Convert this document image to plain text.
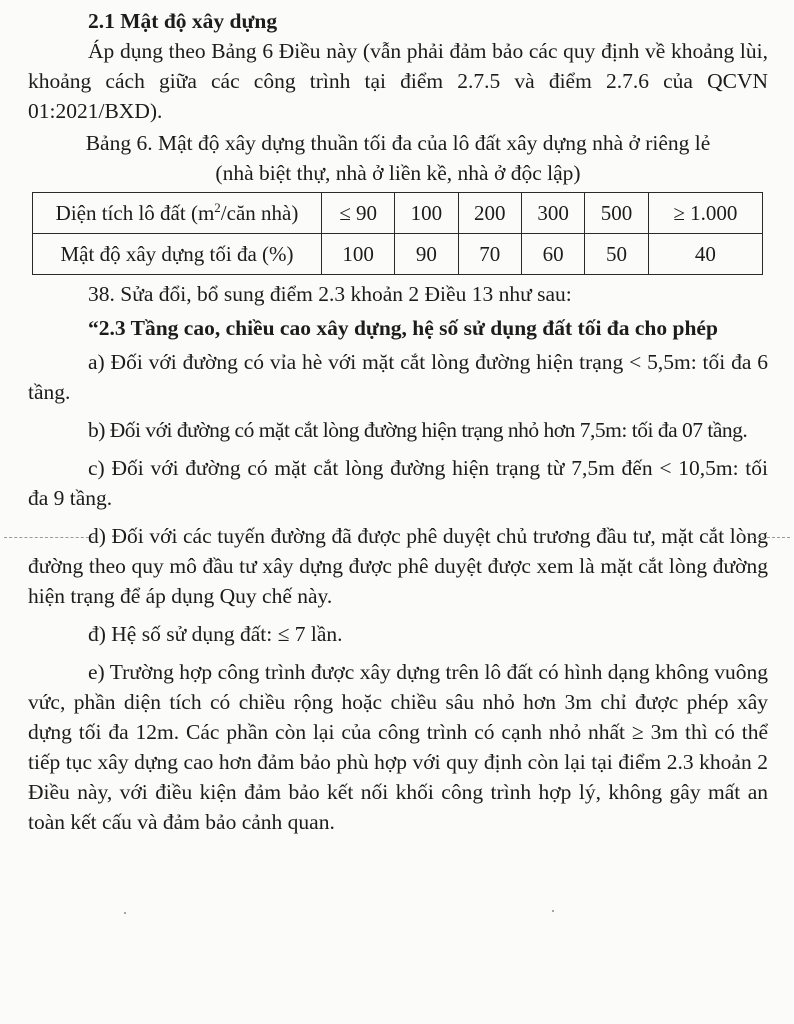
2.1 Mật độ xây dựng

Áp dụng theo Bảng 6 Điều này (vẫn phải đảm bảo các quy định về khoảng lùi, khoảng cách giữa các công trình tại điểm 2.7.5 và điểm 2.7.6 của QCVN 01:2021/BXD).

Bảng 6. Mật độ xây dựng thuần tối đa của lô đất xây dựng nhà ở riêng lẻ

(nhà biệt thự, nhà ở liền kề, nhà ở độc lập)

Diện tích lô đất ($m^2$/căn nhà)	≤ 90	100	200	300	500	≥ 1.000
Mật độ xây dựng tối đa (%)	100	90	70	60	50	40

38. Sửa đổi, bổ sung điểm 2.3 khoản 2 Điều 13 như sau:

“2.3 Tầng cao, chiều cao xây dựng, hệ số sử dụng đất tối đa cho phép

a) Đối với đường có vỉa hè với mặt cắt lòng đường hiện trạng < 5,5m: tối đa 6 tầng.

b) Đối với đường có mặt cắt lòng đường hiện trạng nhỏ hơn 7,5m: tối đa 07 tầng.

c) Đối với đường có mặt cắt lòng đường hiện trạng từ 7,5m đến < 10,5m: tối đa 9 tầng.

d) Đối với các tuyến đường đã được phê duyệt chủ trương đầu tư, mặt cắt lòng đường theo quy mô đầu tư xây dựng được phê duyệt được xem là mặt cắt lòng đường hiện trạng để áp dụng Quy chế này.

đ) Hệ số sử dụng đất: ≤ 7 lần.

e) Trường hợp công trình được xây dựng trên lô đất có hình dạng không vuông vức, phần diện tích có chiều rộng hoặc chiều sâu nhỏ hơn 3m chỉ được phép xây dựng tối đa 12m. Các phần còn lại của công trình có cạnh nhỏ nhất ≥ 3m thì có thể tiếp tục xây dựng cao hơn đảm bảo phù hợp với quy định còn lại tại điểm 2.3 khoản 2 Điều này, với điều kiện đảm bảo kết nối khối công trình hợp lý, không gây mất an toàn kết cấu và đảm bảo cảnh quan.
